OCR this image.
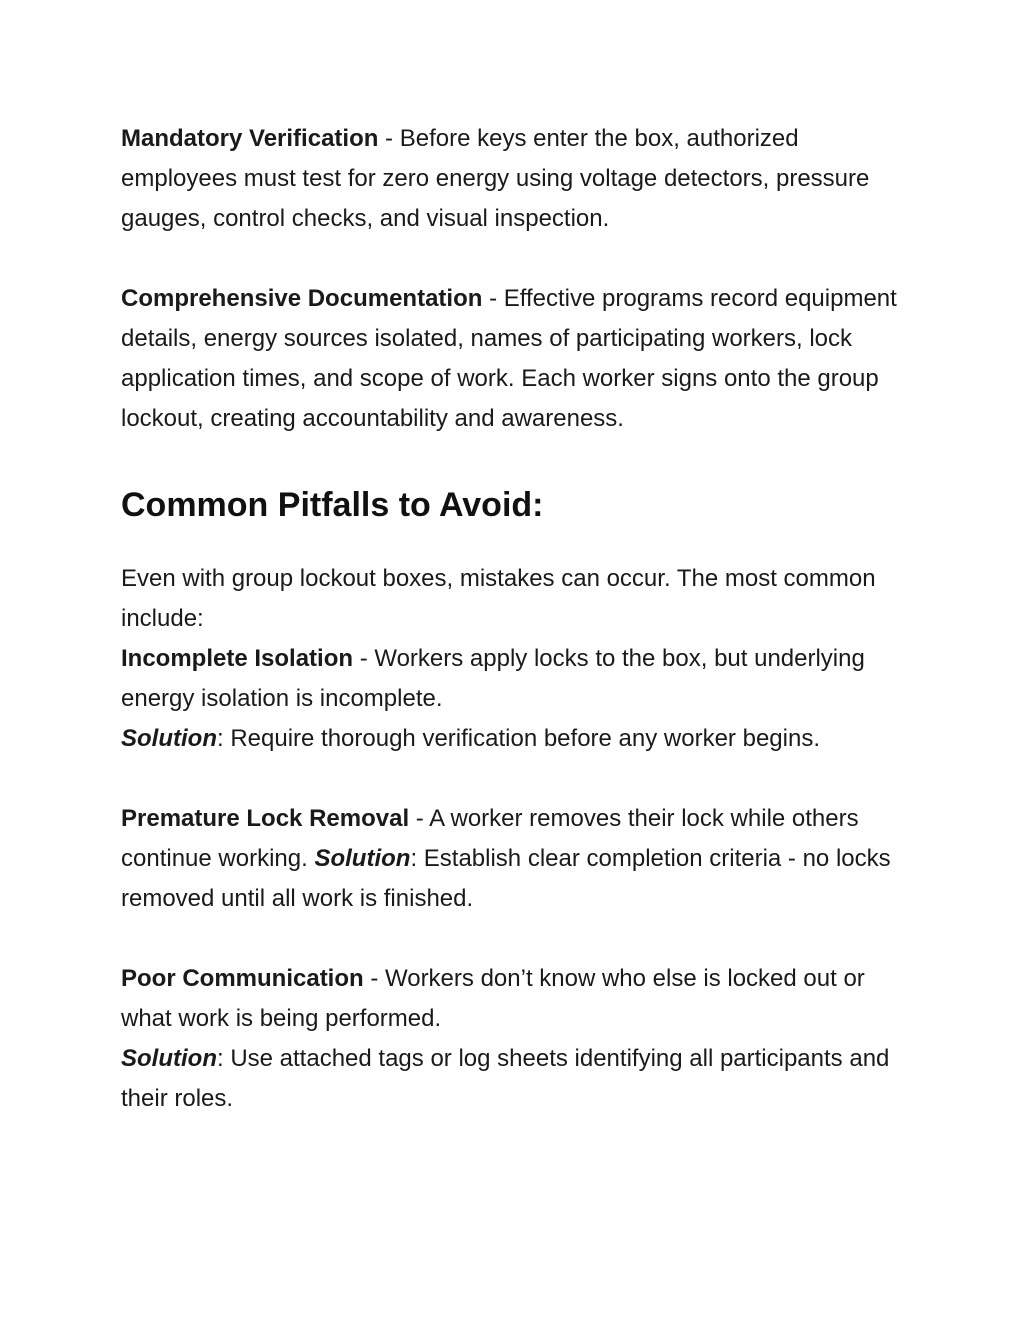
Mandatory Verification - Before keys enter the box, authorized employees must test for zero energy using voltage detectors, pressure gauges, control checks, and visual inspection.

Comprehensive Documentation - Effective programs record equipment details, energy sources isolated, names of participating workers, lock application times, and scope of work. Each worker signs onto the group lockout, creating accountability and awareness.

Common Pitfalls to Avoid:

Even with group lockout boxes, mistakes can occur. The most common include:

Incomplete Isolation - Workers apply locks to the box, but underlying energy isolation is incomplete.

Solution: Require thorough verification before any worker begins.

Premature Lock Removal - A worker removes their lock while others continue working. Solution: Establish clear completion criteria - no locks removed until all work is finished.

Poor Communication - Workers don’t know who else is locked out or what work is being performed.

Solution: Use attached tags or log sheets identifying all participants and their roles.
